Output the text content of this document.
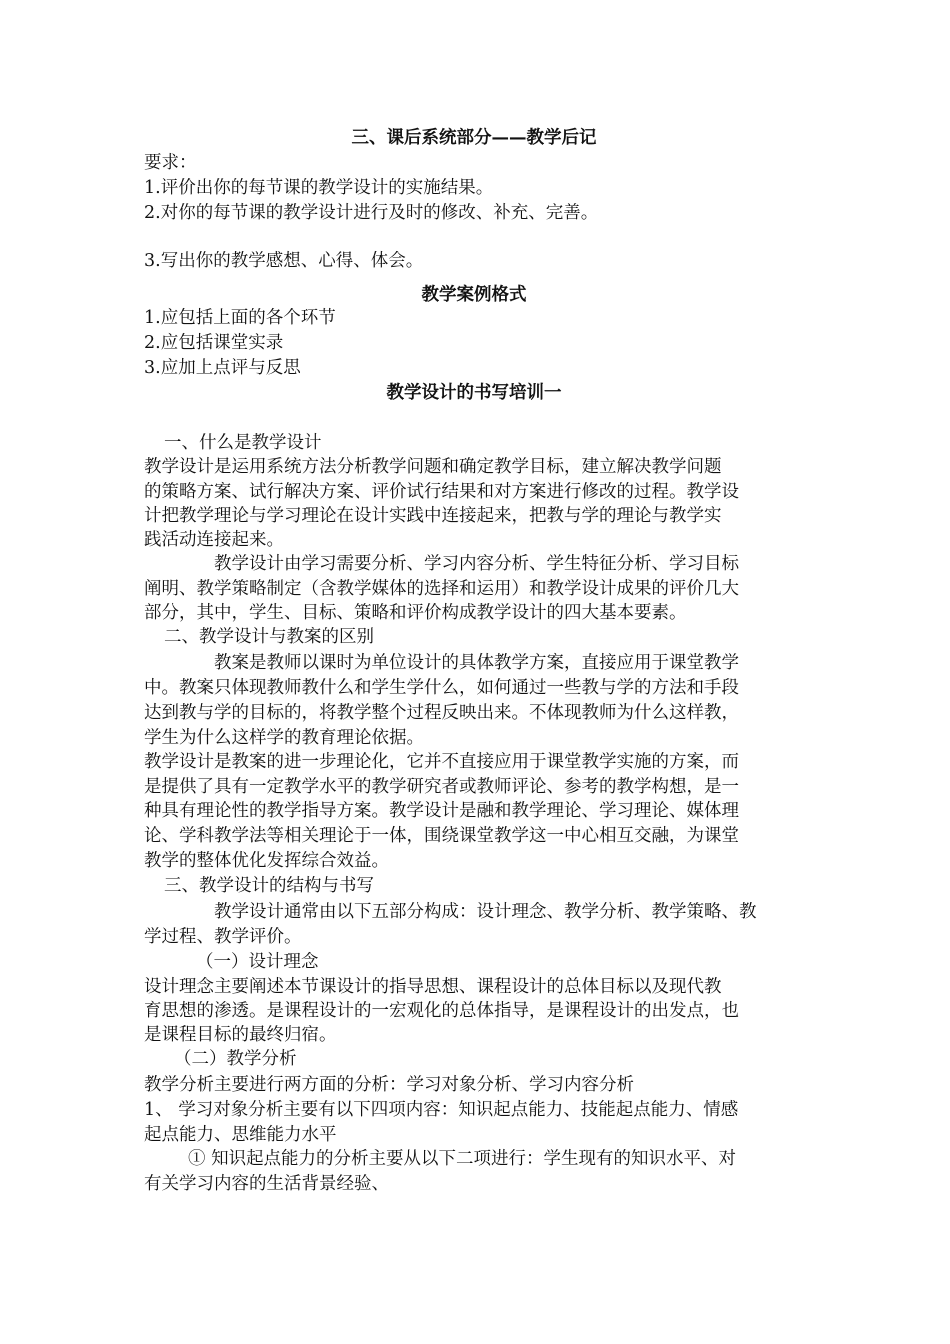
三、课后系统部分——教学后记
要求：
1.评价出你的每节课的教学设计的实施结果。
2.对你的每节课的教学设计进行及时的修改、补充、完善。
3.写出你的教学感想、心得、体会。
教学案例格式
1.应包括上面的各个环节
2.应包括课堂实录
3.应加上点评与反思
教学设计的书写培训一
一、什么是教学设计
教学设计是运用系统方法分析教学问题和确定教学目标，建立解决教学问题
的策略方案、试行解决方案、评价试行结果和对方案进行修改的过程。教学设
计把教学理论与学习理论在设计实践中连接起来，把教与学的理论与教学实
践活动连接起来。
教学设计由学习需要分析、学习内容分析、学生特征分析、学习目标
阐明、教学策略制定（含教学媒体的选择和运用）和教学设计成果的评价几大
部分，其中，学生、目标、策略和评价构成教学设计的四大基本要素。
二、教学设计与教案的区别
教案是教师以课时为单位设计的具体教学方案，直接应用于课堂教学
中。教案只体现教师教什么和学生学什么，如何通过一些教与学的方法和手段
达到教与学的目标的，将教学整个过程反映出来。不体现教师为什么这样教，
学生为什么这样学的教育理论依据。
教学设计是教案的进一步理论化，它并不直接应用于课堂教学实施的方案，而
是提供了具有一定教学水平的教学研究者或教师评论、参考的教学构想，是一
种具有理论性的教学指导方案。教学设计是融和教学理论、学习理论、媒体理
论、学科教学法等相关理论于一体，围绕课堂教学这一中心相互交融，为课堂
教学的整体优化发挥综合效益。
三、教学设计的结构与书写
教学设计通常由以下五部分构成：设计理念、教学分析、教学策略、教
学过程、教学评价。
（一）设计理念
设计理念主要阐述本节课设计的指导思想、课程设计的总体目标以及现代教
育思想的渗透。是课程设计的一宏观化的总体指导，是课程设计的出发点，也
是课程目标的最终归宿。
（二）教学分析
教学分析主要进行两方面的分析：学习对象分析、学习内容分析
1、 学习对象分析主要有以下四项内容：知识起点能力、技能起点能力、情感
起点能力、思维能力水平
① 知识起点能力的分析主要从以下二项进行：学生现有的知识水平、对
有关学习内容的生活背景经验、
